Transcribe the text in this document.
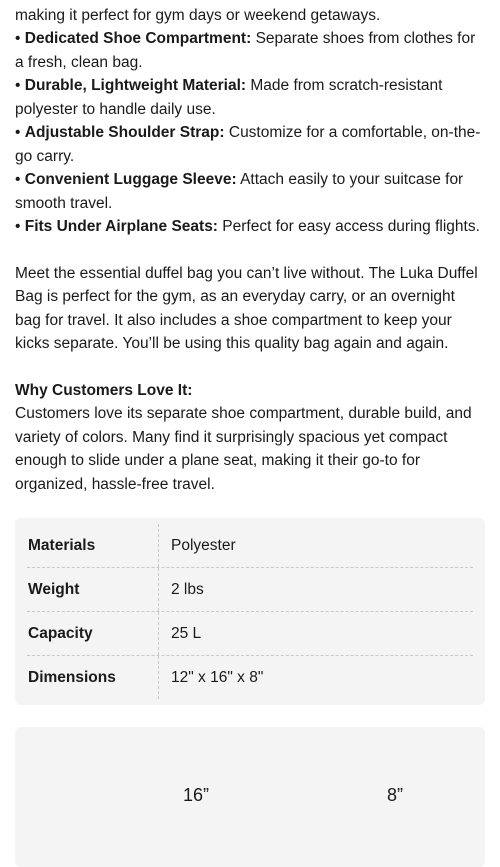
making it perfect for gym days or weekend getaways.

• Dedicated Shoe Compartment: Separate shoes from clothes for a fresh, clean bag.
• Durable, Lightweight Material: Made from scratch-resistant polyester to handle daily use.
• Adjustable Shoulder Strap: Customize for a comfortable, on-the-go carry.
• Convenient Luggage Sleeve: Attach easily to your suitcase for smooth travel.
• Fits Under Airplane Seats: Perfect for easy access during flights.

Meet the essential duffel bag you can’t live without. The Luka Duffel Bag is perfect for the gym, as an everyday carry, or an overnight bag for travel. It also includes a shoe compartment to keep your kicks separate. You’ll be using this quality bag again and again.

Why Customers Love It:

Customers love its separate shoe compartment, durable build, and variety of colors. Many find it surprisingly spacious yet compact enough to slide under a plane seat, making it their go-to for organized, hassle-free travel.

Materials	Polyester
Weight	2 lbs
Capacity	25 L
Dimensions	12" x 16" x 8"
16”	8”
